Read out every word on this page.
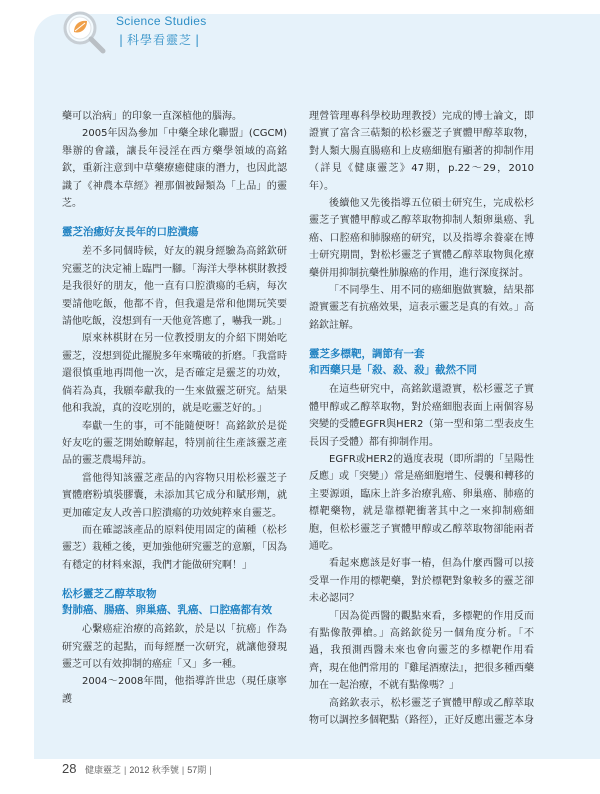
Science Studies
| 科學看靈芝 |

藥可以治病」的印象一直深植他的腦海。

2005年因為參加「中藥全球化聯盟」(CGCM)舉辦的會議，讓長年浸淫在西方藥學領域的高銘欽，重新注意到中草藥療癒健康的潛力，也因此認識了《神農本草經》裡那個被歸類為「上品」的靈芝。

靈芝治癒好友長年的口腔潰瘍

差不多同個時候，好友的親身經驗為高銘欽研究靈芝的決定補上臨門一腳。「海洋大學林棋財教授是我很好的朋友，他一直有口腔潰瘍的毛病，每次要請他吃飯，他都不肯，但我還是常和他開玩笑要請他吃飯，沒想到有一天他竟答應了，嚇我一跳。」

原來林棋財在另一位教授朋友的介紹下開始吃靈芝，沒想到從此擺脫多年來嘴破的折磨。「我當時還很慎重地再問他一次，是否確定是靈芝的功效，倘若為真，我願奉獻我的一生來做靈芝研究。結果他和我說，真的沒吃別的，就是吃靈芝好的。」

奉獻一生的事，可不能隨便呀！高銘欽於是從好友吃的靈芝開始瞭解起，特別前往生產該靈芝產品的靈芝農場拜訪。

當他得知該靈芝產品的內容物只用松杉靈芝子實體磨粉填裝膠囊，未添加其它成分和賦形劑，就更加確定友人改善口腔潰瘍的功效純粹來自靈芝。

而在確認該產品的原料使用固定的菌種（松杉靈芝）栽種之後，更加強他研究靈芝的意願，「因為有穩定的材料來源，我們才能做研究啊！」

松杉靈芝乙醇萃取物
對肺癌、腸癌、卵巢癌、乳癌、口腔癌都有效

心繫癌症治療的高銘欽，於是以「抗癌」作為研究靈芝的起點，而每經歷一次研究，就讓他發現靈芝可以有效抑制的癌症「又」多一種。

2004～2008年間，他指導許世忠（現任康寧護

理營管理專科學校助理教授）完成的博士論文，即證實了富含三萜類的松杉靈芝子實體甲醇萃取物，對人類大腸直腸癌和上皮癌細胞有顯著的抑制作用（詳見《健康靈芝》47期，p.22～29，2010年）。

後續他又先後指導五位碩士研究生，完成松杉靈芝子實體甲醇或乙醇萃取物抑制人類卵巢癌、乳癌、口腔癌和肺腺癌的研究，以及指導余養豪在博士研究期間，對松杉靈芝子實體乙醇萃取物與化療藥併用抑制抗藥性肺腺癌的作用，進行深度探討。

「不同學生、用不同的癌細胞做實驗，結果都證實靈芝有抗癌效果，這表示靈芝是真的有效。」高銘欽註解。

靈芝多標靶，調節有一套
和西藥只是「殺、殺、殺」截然不同

在這些研究中，高銘欽還證實，松杉靈芝子實體甲醇或乙醇萃取物，對於癌細胞表面上兩個容易突變的受體EGFR與HER2（第一型和第二型表皮生長因子受體）都有抑制作用。

EGFR或HER2的過度表現（即所謂的「呈陽性反應」或「突變」）常是癌細胞增生、侵襲和轉移的主要源頭，臨床上許多治療乳癌、卵巢癌、肺癌的標靶藥物，就是靠標靶衝著其中之一來抑制癌細胞，但松杉靈芝子實體甲醇或乙醇萃取物卻能兩者通吃。

看起來應該是好事一樁，但為什麼西醫可以接受單一作用的標靶藥，對於標靶對象較多的靈芝卻未必認同？

「因為從西醫的觀點來看，多標靶的作用反而有點像散彈槍。」高銘欽從另一個角度分析。「不過，我預測西醫未來也會向靈芝的多標靶作用看齊，現在他們常用的『雞尾酒療法』，把很多種西藥加在一起治療，不就有點像嗎？」

高銘欽表示，松杉靈芝子實體甲醇或乙醇萃取物可以調控多個靶點（路徑），正好反應出靈芝本身

28 健康靈芝 | 2012 秋季號 | 57期 |
